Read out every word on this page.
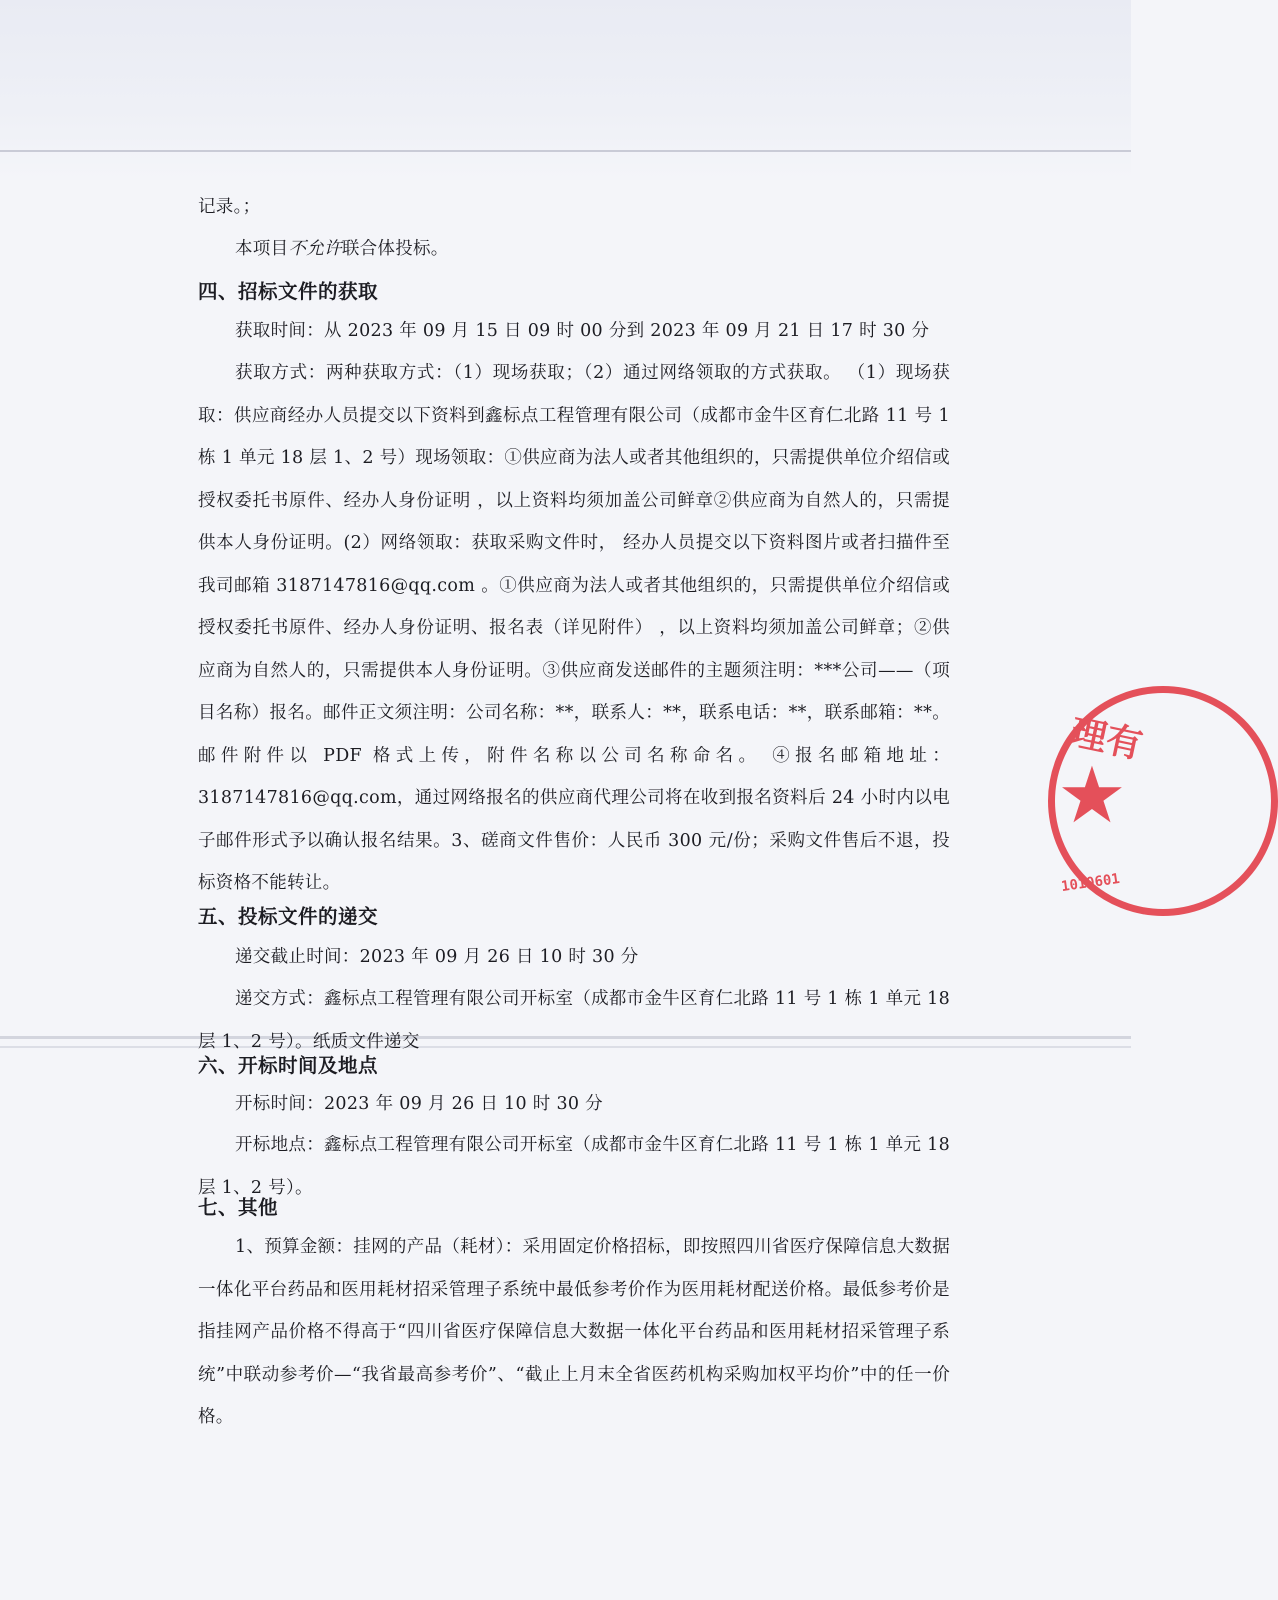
记录。；

本项目不允许联合体投标。

四、招标文件的获取

获取时间：从 2023 年 09 月 15 日 09 时 00 分到 2023 年 09 月 21 日 17 时 30 分

获取方式：两种获取方式：（1）现场获取；（2）通过网络领取的方式获取。 （1）现场获取：供应商经办人员提交以下资料到鑫标点工程管理有限公司（成都市金牛区育仁北路 11 号 1 栋 1 单元 18 层 1、2 号）现场领取：①供应商为法人或者其他组织的，只需提供单位介绍信或授权委托书原件、经办人身份证明 ，以上资料均须加盖公司鲜章②供应商为自然人的，只需提供本人身份证明。(2）网络领取：获取采购文件时， 经办人员提交以下资料图片或者扫描件至我司邮箱 3187147816@qq.com 。①供应商为法人或者其他组织的，只需提供单位介绍信或授权委托书原件、经办人身份证明、报名表（详见附件） ，以上资料均须加盖公司鲜章；②供应商为自然人的，只需提供本人身份证明。③供应商发送邮件的主题须注明：***公司——（项目名称）报名。邮件正文须注明：公司名称：**，联系人：**，联系电话：**，联系邮箱：**。邮件附件以 PDF 格式上传，附件名称以公司名称命名。 ④报名邮箱地址：3187147816@qq.com，通过网络报名的供应商代理公司将在收到报名资料后 24 小时内以电子邮件形式予以确认报名结果。3、磋商文件售价：人民币 300 元/份；采购文件售后不退，投标资格不能转让。

五、投标文件的递交

递交截止时间：2023 年 09 月 26 日 10 时 30 分

递交方式：鑫标点工程管理有限公司开标室（成都市金牛区育仁北路 11 号 1 栋 1 单元 18 层 1、2 号）。纸质文件递交

六、开标时间及地点

开标时间：2023 年 09 月 26 日 10 时 30 分

开标地点：鑫标点工程管理有限公司开标室（成都市金牛区育仁北路 11 号 1 栋 1 单元 18 层 1、2 号）。

七、其他

1、预算金额：挂网的产品（耗材）：采用固定价格招标，即按照四川省医疗保障信息大数据一体化平台药品和医用耗材招采管理子系统中最低参考价作为医用耗材配送价格。最低参考价是指挂网产品价格不得高于“四川省医疗保障信息大数据一体化平台药品和医用耗材招采管理子系统”中联动参考价—“我省最高参考价”、“截止上月末全省医药机构采购加权平均价”中的任一价格。

理有
★
1010601
